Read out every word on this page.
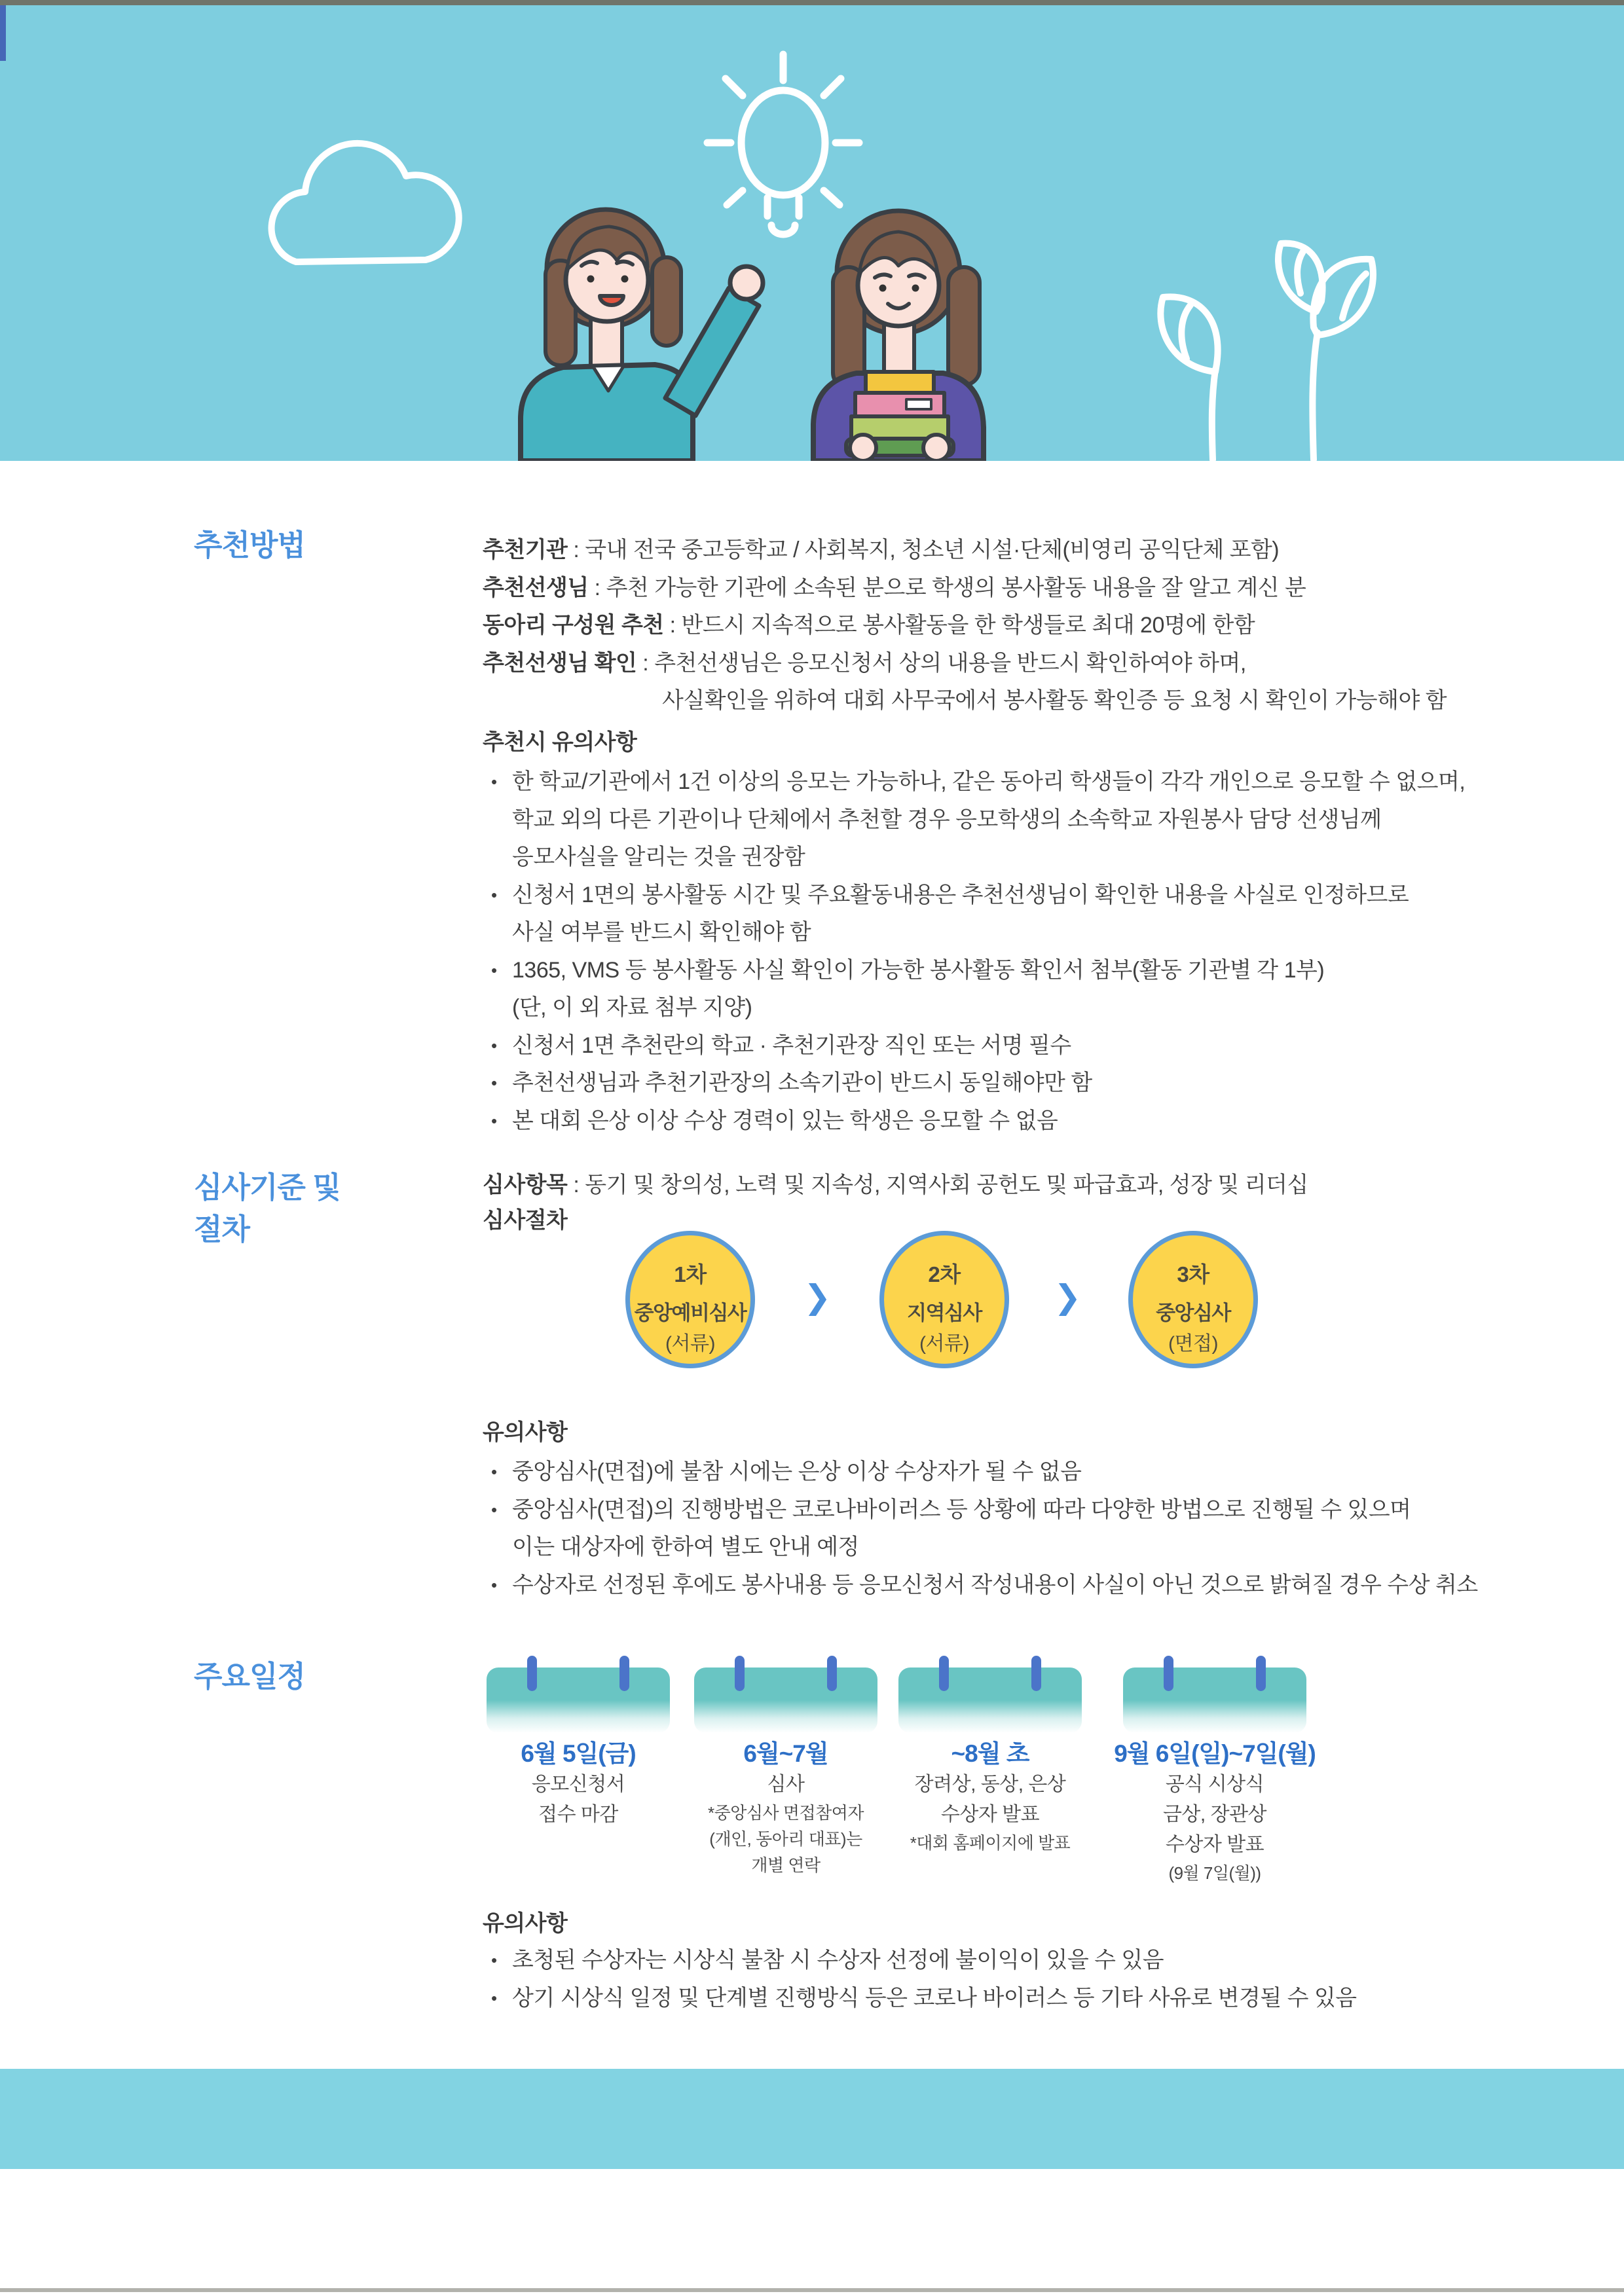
추천방법	추천기관 : 국내 전국 중고등학교 / 사회복지, 청소년 시설·단체(비영리 공익단체 포함)

추천선생님 : 추천 가능한 기관에 소속된 분으로 학생의 봉사활동 내용을 잘 알고 계신 분

동아리 구성원 추천 : 반드시 지속적으로 봉사활동을 한 학생들로 최대 20명에 한함

추천선생님 확인 : 추천선생님은 응모신청서 상의 내용을 반드시 확인하여야 하며,

사실확인을 위하여 대회 사무국에서 봉사활동 확인증 등 요청 시 확인이 가능해야 함

추천시 유의사항

• 한 학교/기관에서 1건 이상의 응모는 가능하나, 같은 동아리 학생들이 각각 개인으로 응모할 수 없으며,

학교 외의 다른 기관이나 단체에서 추천할 경우 응모학생의 소속학교 자원봉사 담당 선생님께

응모사실을 알리는 것을 권장함

• 신청서 1면의 봉사활동 시간 및 주요활동내용은 추천선생님이 확인한 내용을 사실로 인정하므로

사실 여부를 반드시 확인해야 함

• 1365, VMS 등 봉사활동 사실 확인이 가능한 봉사활동 확인서 첨부(활동 기관별 각 1부)

(단, 이 외 자료 첨부 지양)

• 신청서 1면 추천란의 학교 · 추천기관장 직인 또는 서명 필수

• 추천선생님과 추천기관장의 소속기관이 반드시 동일해야만 함

• 본 대회 은상 이상 수상 경력이 있는 학생은 응모할 수 없음

심사기준 및
절차

심사항목 : 동기 및 창의성, 노력 및 지속성, 지역사회 공헌도 및 파급효과, 성장 및 리더십

심사절차

1차
중앙예비심사
(서류)
❯
2차
지역심사
(서류)
❯
3차
중앙심사
(면접)

유의사항

• 중앙심사(면접)에 불참 시에는 은상 이상 수상자가 될 수 없음

• 중앙심사(면접)의 진행방법은 코로나바이러스 등 상황에 따라 다양한 방법으로 진행될 수 있으며

이는 대상자에 한하여 별도 안내 예정

• 수상자로 선정된 후에도 봉사내용 등 응모신청서 작성내용이 사실이 아닌 것으로 밝혀질 경우 수상 취소

주요일정

6월 5일(금)

응모신청서

접수 마감

6월~7월

심사

*중앙심사 면접참여자

(개인, 동아리 대표)는

개별 연락

~8월 초

장려상, 동상, 은상

수상자 발표

*대회 홈페이지에 발표

9월 6일(일)~7일(월)

공식 시상식

금상, 장관상

수상자 발표

(9월 7일(월))

유의사항

• 초청된 수상자는 시상식 불참 시 수상자 선정에 불이익이 있을 수 있음

• 상기 시상식 일정 및 단계별 진행방식 등은 코로나 바이러스 등 기타 사유로 변경될 수 있음
